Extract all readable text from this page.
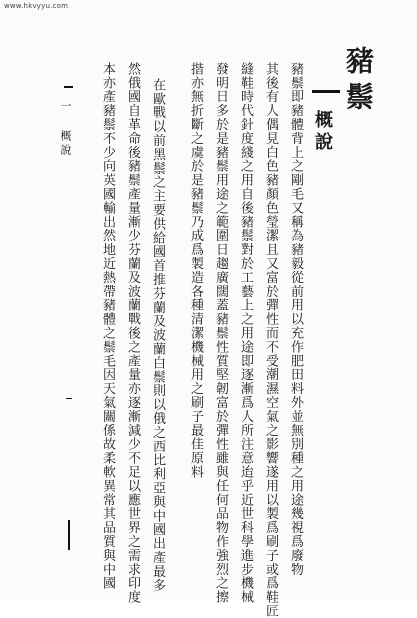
www.hkvyyu.com
豬鬃
概說
豬鬃即豬體背上之剛毛又稱為豬毅從前用以充作肥田料外並無別種之用途幾視爲廢物
其後有人偶見白色豬顏色瑩潔且又富於彈性而不受潮濕空氣之影響遂用以製爲刷子或爲鞋匠
縫鞋時代針度綫之用自後豬鬃對於工藝上之用途即逐漸爲人所注意迨乎近世科學進步機械
發明日多於是豬鬃用途之範圍日趨廣闊蓋豬鬃性質堅韌富於彈性雖與任何品物作強烈之擦
揩亦無折斷之虞於是豬鬃乃成爲製造各種清潔機械用之刷子最佳原料
在歐戰以前黑鬃之主要供給國首推芬蘭及波蘭白鬃則以俄之西比利亞與中國出產最多
然俄國自革命後豬鬃產量漸少芬蘭及波蘭戰後之產量亦逐漸減少不足以應世界之需求印度
本亦產豬鬃不少向英國輸出然地近熱帶豬體之鬃毛因天氣關係故柔軟異常其品質與中國
一 概說
